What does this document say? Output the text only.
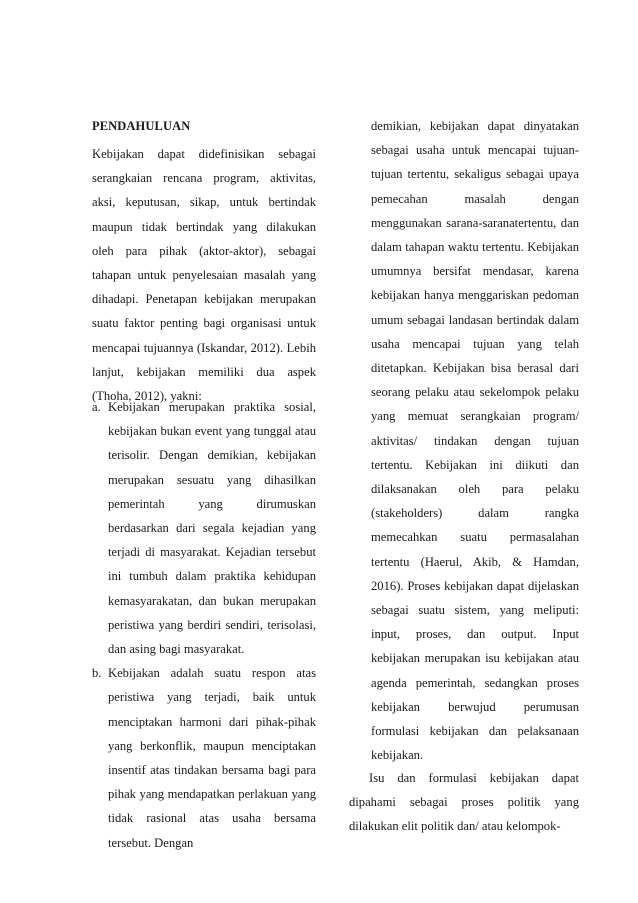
PENDAHULUAN
Kebijakan dapat didefinisikan sebagai serangkaian rencana program, aktivitas, aksi, keputusan, sikap, untuk bertindak maupun tidak bertindak yang dilakukan oleh para pihak (aktor-aktor), sebagai tahapan untuk penyelesaian masalah yang dihadapi. Penetapan kebijakan merupakan suatu faktor penting bagi organisasi untuk mencapai tujuannya (Iskandar, 2012). Lebih lanjut, kebijakan memiliki dua aspek (Thoha, 2012), yakni:
a. Kebijakan merupakan praktika sosial, kebijakan bukan event yang tunggal atau terisolir. Dengan demikian, kebijakan merupakan sesuatu yang dihasilkan pemerintah yang dirumuskan berdasarkan dari segala kejadian yang terjadi di masyarakat. Kejadian tersebut ini tumbuh dalam praktika kehidupan kemasyarakatan, dan bukan merupakan peristiwa yang berdiri sendiri, terisolasi, dan asing bagi masyarakat.
b. Kebijakan adalah suatu respon atas peristiwa yang terjadi, baik untuk menciptakan harmoni dari pihak-pihak yang berkonflik, maupun menciptakan insentif atas tindakan bersama bagi para pihak yang mendapatkan perlakuan yang tidak rasional atas usaha bersama tersebut. Dengan
demikian, kebijakan dapat dinyatakan sebagai usaha untuk mencapai tujuan-tujuan tertentu, sekaligus sebagai upaya pemecahan masalah dengan menggunakan sarana-saranatertentu, dan dalam tahapan waktu tertentu. Kebijakan umumnya bersifat mendasar, karena kebijakan hanya menggariskan pedoman umum sebagai landasan bertindak dalam usaha mencapai tujuan yang telah ditetapkan. Kebijakan bisa berasal dari seorang pelaku atau sekelompok pelaku yang memuat serangkaian program/ aktivitas/ tindakan dengan tujuan tertentu. Kebijakan ini diikuti dan dilaksanakan oleh para pelaku (stakeholders) dalam rangka memecahkan suatu permasalahan tertentu (Haerul, Akib, & Hamdan, 2016). Proses kebijakan dapat dijelaskan sebagai suatu sistem, yang meliputi: input, proses, dan output. Input kebijakan merupakan isu kebijakan atau agenda pemerintah, sedangkan proses kebijakan berwujud perumusan formulasi kebijakan dan pelaksanaan kebijakan.
Isu dan formulasi kebijakan dapat dipahami sebagai proses politik yang dilakukan elit politik dan/ atau kelompok-
